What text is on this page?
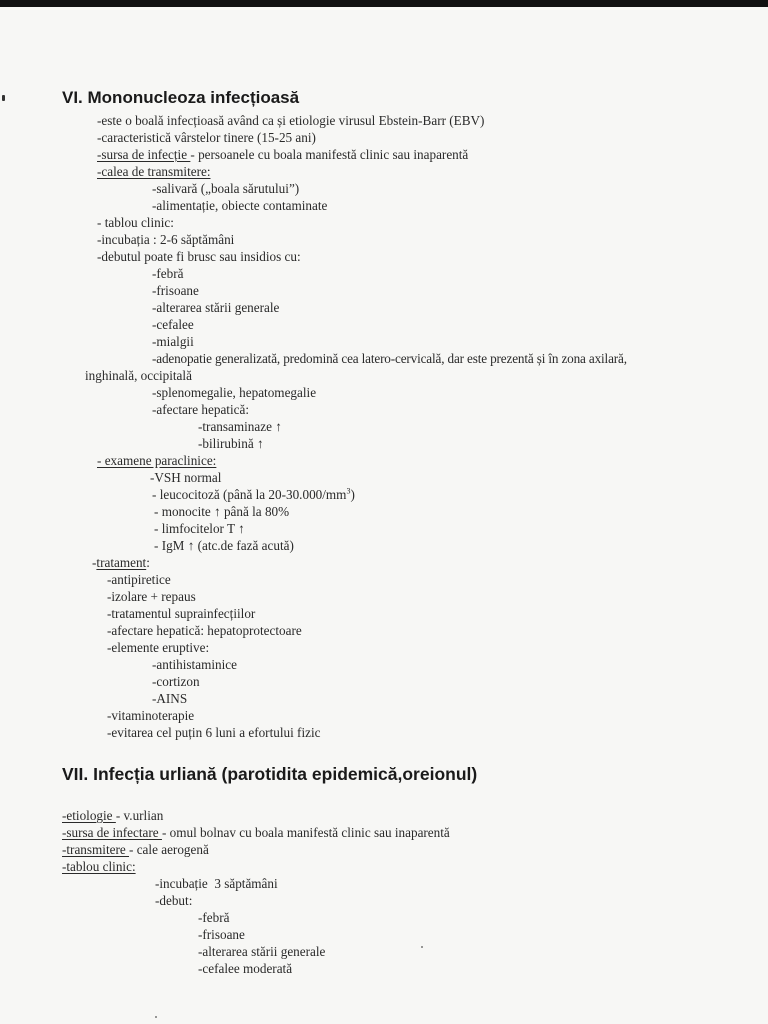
VI. Mononucleoza infecțioasă
-este o boală infecțioasă având ca și etiologie virusul Ebstein-Barr (EBV)
-caracteristică vârstelor tinere (15-25 ani)
-sursa de infecție - persoanele cu boala manifestă clinic sau inaparentă
-calea de transmitere:
-salivară („boala sărutului”)
-alimentație, obiecte contaminate
- tablou clinic:
-incubația : 2-6 săptămâni
-debutul poate fi brusc sau insidios cu:
-febră
-frisoane
-alterarea stării generale
-cefalee
-mialgii
-adenopatie generalizată, predomină cea latero-cervicală, dar este prezentă și în zona axilară,
inghinală, occipitală
-splenomegalie, hepatomegalie
-afectare hepatică:
-transaminaze ↑
-bilirubină ↑
- examene paraclinice:
-VSH normal
- leucocitoză (până la $20-30.000/mm^3$)
- monocite ↑ până la 80%
- limfocitelor T ↑
- IgM ↑ (atc.de fază acută)
-tratament:
-antipiretice
-izolare + repaus
-tratamentul suprainfecțiilor
-afectare hepatică: hepatoprotectoare
-elemente eruptive:
-antihistaminice
-cortizon
-AINS
-vitaminoterapie
-evitarea cel puțin 6 luni a efortului fizic
VII. Infecția urliană (parotidita epidemică,oreionul)
-etiologie - v.urlian
-sursa de infectare - omul bolnav cu boala manifestă clinic sau inaparentă
-transmitere - cale aerogenă
-tablou clinic:
-incubație  3 săptămâni
-debut:
-febră
-frisoane
-alterarea stării generale
-cefalee moderată
